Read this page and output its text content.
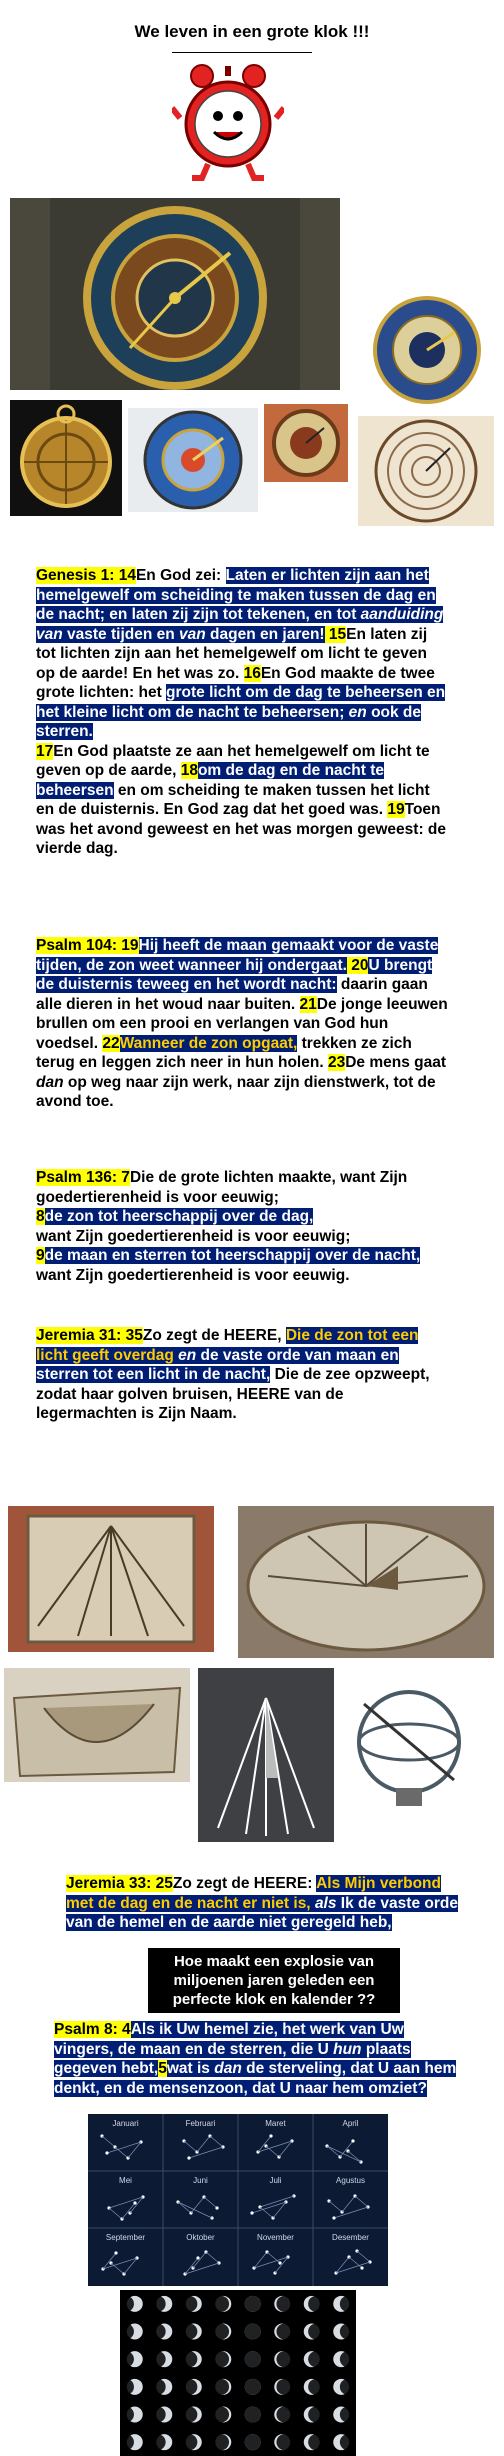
We leven in een grote klok !!!
Genesis 1: 14En God zei: Laten er lichten zijn aan het hemelgewelf om scheiding te maken tussen de dag en de nacht; en laten zij zijn tot tekenen, en tot aanduiding van vaste tijden en van dagen en jaren! 15En laten zij tot lichten zijn aan het hemelgewelf om licht te geven op de aarde! En het was zo. 16En God maakte de twee grote lichten: het grote licht om de dag te beheersen en het kleine licht om de nacht te beheersen; en ook de sterren.
17En God plaatste ze aan het hemelgewelf om licht te geven op de aarde, 18om de dag en de nacht te beheersen en om scheiding te maken tussen het licht en de duisternis. En God zag dat het goed was. 19Toen was het avond geweest en het was morgen geweest: de vierde dag.
Psalm 104: 19Hij heeft de maan gemaakt voor de vaste tijden, de zon weet wanneer hij ondergaat. 20U brengt de duisternis teweeg en het wordt nacht: daarin gaan alle dieren in het woud naar buiten. 21De jonge leeuwen brullen om een prooi en verlangen van God hun voedsel. 22Wanneer de zon opgaat, trekken ze zich terug en leggen zich neer in hun holen. 23De mens gaat dan op weg naar zijn werk, naar zijn dienstwerk, tot de avond toe.
Psalm 136: 7Die de grote lichten maakte, want Zijn goedertierenheid is voor eeuwig;
8de zon tot heerschappij over de dag,
want Zijn goedertierenheid is voor eeuwig;
9de maan en sterren tot heerschappij over de nacht, want Zijn goedertierenheid is voor eeuwig.
Jeremia 31: 35Zo zegt de HEERE, Die de zon tot een licht geeft overdag en de vaste orde van maan en sterren tot een licht in de nacht, Die de zee opzweept, zodat haar golven bruisen, HEERE van de legermachten is Zijn Naam.
Jeremia 33: 25Zo zegt de HEERE: Als Mijn verbond met de dag en de nacht er niet is, als Ik de vaste orde van de hemel en de aarde niet geregeld heb,
Hoe maakt een explosie van miljoenen jaren geleden een perfecte klok en kalender ??
Psalm 8: 4Als ik Uw hemel zie, het werk van Uw vingers, de maan en de sterren, die U hun plaats gegeven hebt,5wat is dan de sterveling, dat U aan hem denkt, en de mensenzoon, dat U naar hem omziet?
Januari	Februari	Maret	April
Mei	Juni	Juli	Agustus
September	Oktober	November	Desember
